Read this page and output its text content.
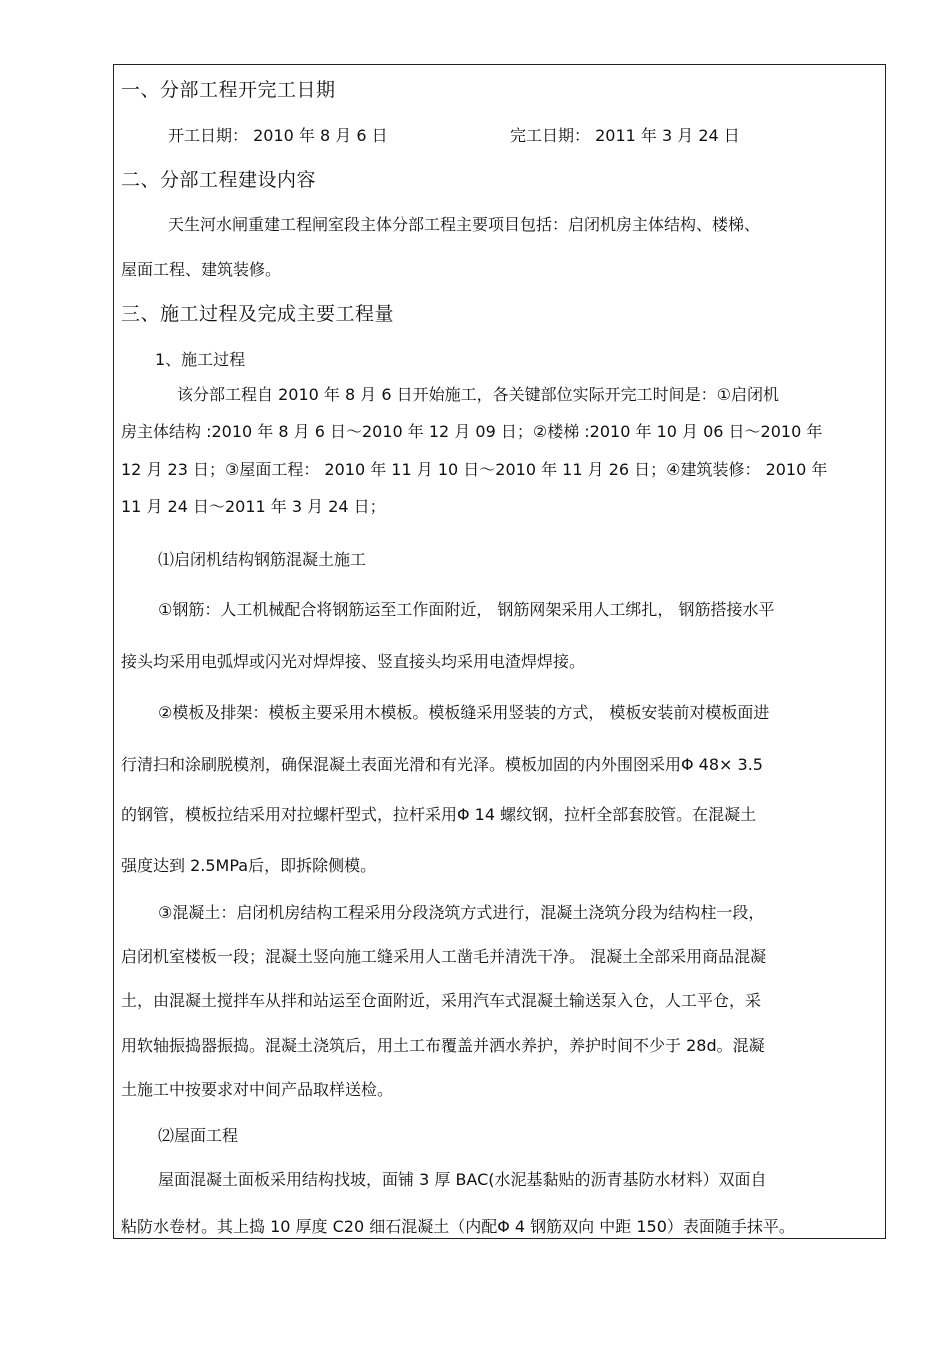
一、分部工程开完工日期
开工日期： 2010 年 8 月 6 日	完工日期： 2011 年 3 月 24 日
二、分部工程建设内容
天生河水闸重建工程闸室段主体分部工程主要项目包括：启闭机房主体结构、楼梯、
屋面工程、建筑装修。
三、施工过程及完成主要工程量
1、施工过程
该分部工程自 2010 年 8 月 6 日开始施工，各关键部位实际开完工时间是：①启闭机
房主体结构 :2010 年 8 月 6 日～2010 年 12 月 09 日；②楼梯 :2010 年 10 月 06 日～2010 年
12 月 23 日；③屋面工程： 2010 年 11 月 10 日～2010 年 11 月 26 日；④建筑装修： 2010 年
11 月 24 日～2011 年 3 月 24 日；
⑴启闭机结构钢筋混凝土施工
①钢筋：人工机械配合将钢筋运至工作面附近， 钢筋网架采用人工绑扎， 钢筋搭接水平
接头均采用电弧焊或闪光对焊焊接、竖直接头均采用电渣焊焊接。
②模板及排架：模板主要采用木模板。模板缝采用竖装的方式， 模板安装前对模板面进
行清扫和涂刷脱模剂，确保混凝土表面光滑和有光泽。模板加固的内外围囹采用Φ 48× 3.5
的钢管，模板拉结采用对拉螺杆型式，拉杆采用Φ 14 螺纹钢，拉杆全部套胶管。在混凝土
强度达到 2.5MPa后，即拆除侧模。
③混凝土：启闭机房结构工程采用分段浇筑方式进行，混凝土浇筑分段为结构柱一段，
启闭机室楼板一段；混凝土竖向施工缝采用人工凿毛并清洗干净。 混凝土全部采用商品混凝
土，由混凝土搅拌车从拌和站运至仓面附近，采用汽车式混凝土输送泵入仓，人工平仓，采
用软轴振捣器振捣。混凝土浇筑后，用土工布覆盖并洒水养护，养护时间不少于 28d。混凝
土施工中按要求对中间产品取样送检。
⑵屋面工程
屋面混凝土面板采用结构找坡，面铺 3 厚 BAC(水泥基黏贴的沥青基防水材料）双面自
粘防水卷材。其上捣 10 厚度 C20 细石混凝土（内配Φ 4 钢筋双向 中距 150）表面随手抹平。
